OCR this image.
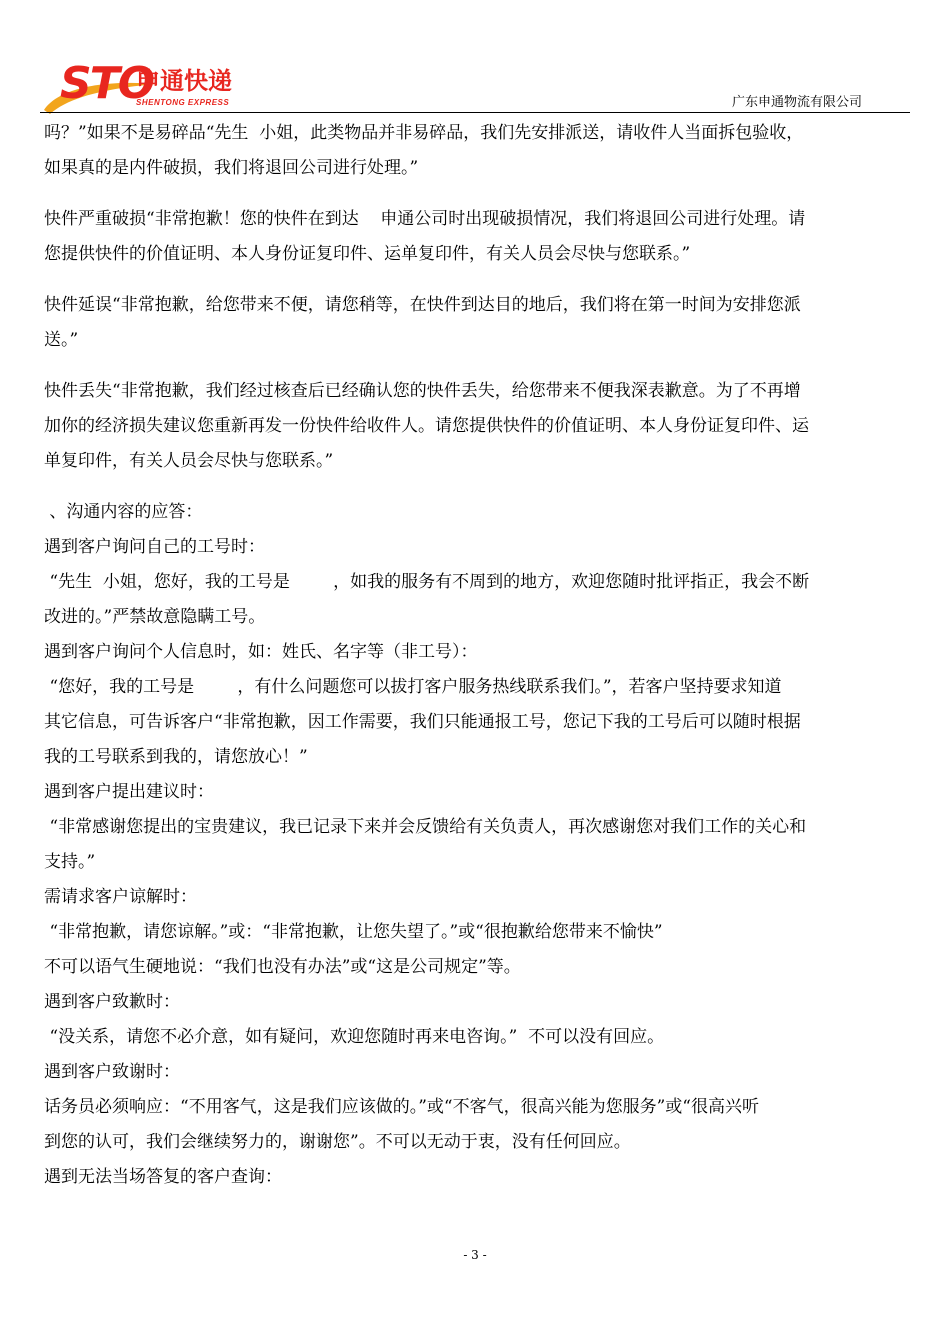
STO
申通快递
SHENTONG EXPRESS	广东申通物流有限公司

吗？”如果不是易碎品“先生  小姐，此类物品并非易碎品，我们先安排派送，请收件人当面拆包验收，

如果真的是内件破损，我们将退回公司进行处理。”

快件严重破损“非常抱歉！您的快件在到达    申通公司时出现破损情况，我们将退回公司进行处理。请

您提供快件的价值证明、本人身份证复印件、运单复印件，有关人员会尽快与您联系。”

快件延误“非常抱歉，给您带来不便，请您稍等，在快件到达目的地后，我们将在第一时间为安排您派

送。”

快件丢失“非常抱歉，我们经过核查后已经确认您的快件丢失，给您带来不便我深表歉意。为了不再增

加你的经济损失建议您重新再发一份快件给收件人。请您提供快件的价值证明、本人身份证复印件、运

单复印件，有关人员会尽快与您联系。”

、沟通内容的应答：

遇到客户询问自己的工号时：

“先生  小姐，您好，我的工号是        ，如我的服务有不周到的地方，欢迎您随时批评指正，我会不断

改进的。”严禁故意隐瞒工号。

遇到客户询问个人信息时，如：姓氏、名字等（非工号）：

“您好，我的工号是        ，有什么问题您可以拔打客户服务热线联系我们。”，若客户坚持要求知道

其它信息，可告诉客户“非常抱歉，因工作需要，我们只能通报工号，您记下我的工号后可以随时根据

我的工号联系到我的，请您放心！”

遇到客户提出建议时：

“非常感谢您提出的宝贵建议，我已记录下来并会反馈给有关负责人，再次感谢您对我们工作的关心和

支持。”

需请求客户谅解时：

“非常抱歉，请您谅解。”或：“非常抱歉，让您失望了。”或“很抱歉给您带来不愉快”

不可以语气生硬地说：“我们也没有办法”或“这是公司规定”等。

遇到客户致歉时：

“没关系，请您不必介意，如有疑问，欢迎您随时再来电咨询。”  不可以没有回应。

遇到客户致谢时：

话务员必须响应：“不用客气，这是我们应该做的。”或“不客气，很高兴能为您服务”或“很高兴听

到您的认可，我们会继续努力的，谢谢您”。不可以无动于衷，没有任何回应。

遇到无法当场答复的客户查询：

- 3 -
